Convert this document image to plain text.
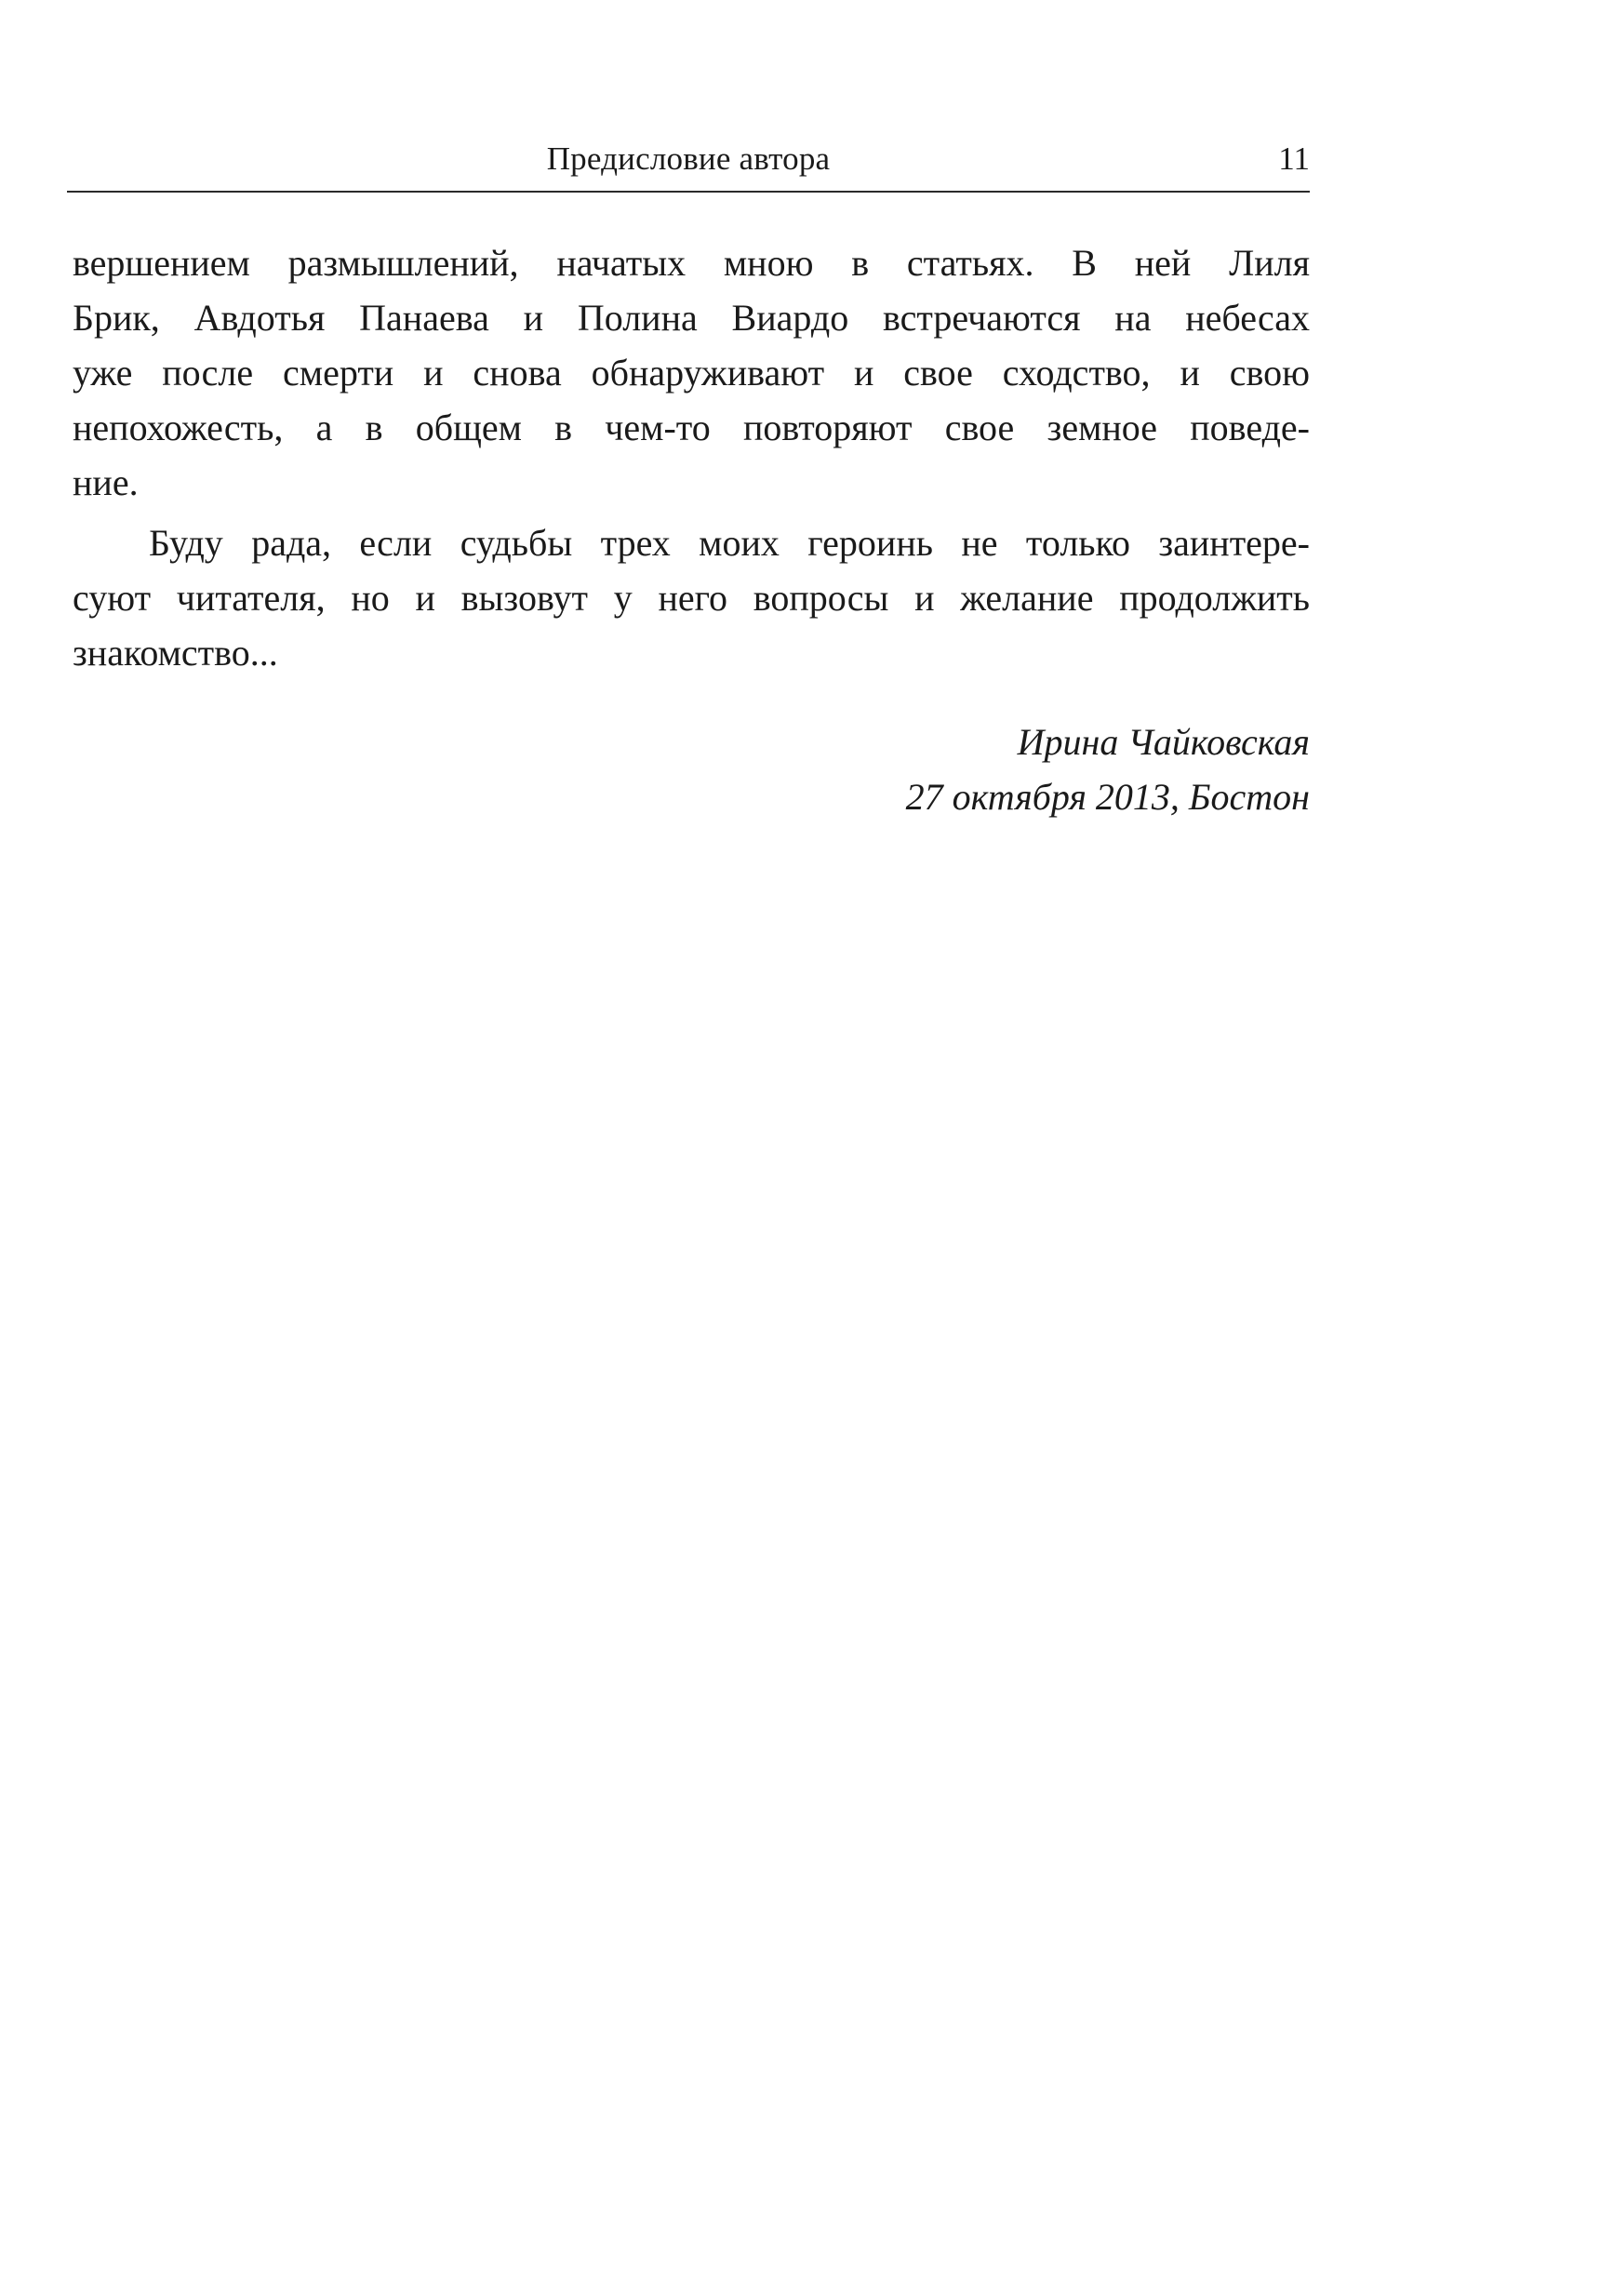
Предисловие автора	11
вершением размышлений, начатых мною в статьях. В ней Лиля
Брик, Авдотья Панаева и Полина Виардо встречаются на небесах
уже после смерти и снова обнаруживают и свое сходство, и свою
непохожесть, а в общем в чем-то повторяют свое земное поведе-
ние.
Буду рада, если судьбы трех моих героинь не только заинтере-
суют читателя, но и вызовут у него вопросы и желание продолжить
знакомство...
Ирина Чайковская
27 октября 2013, Бостон
